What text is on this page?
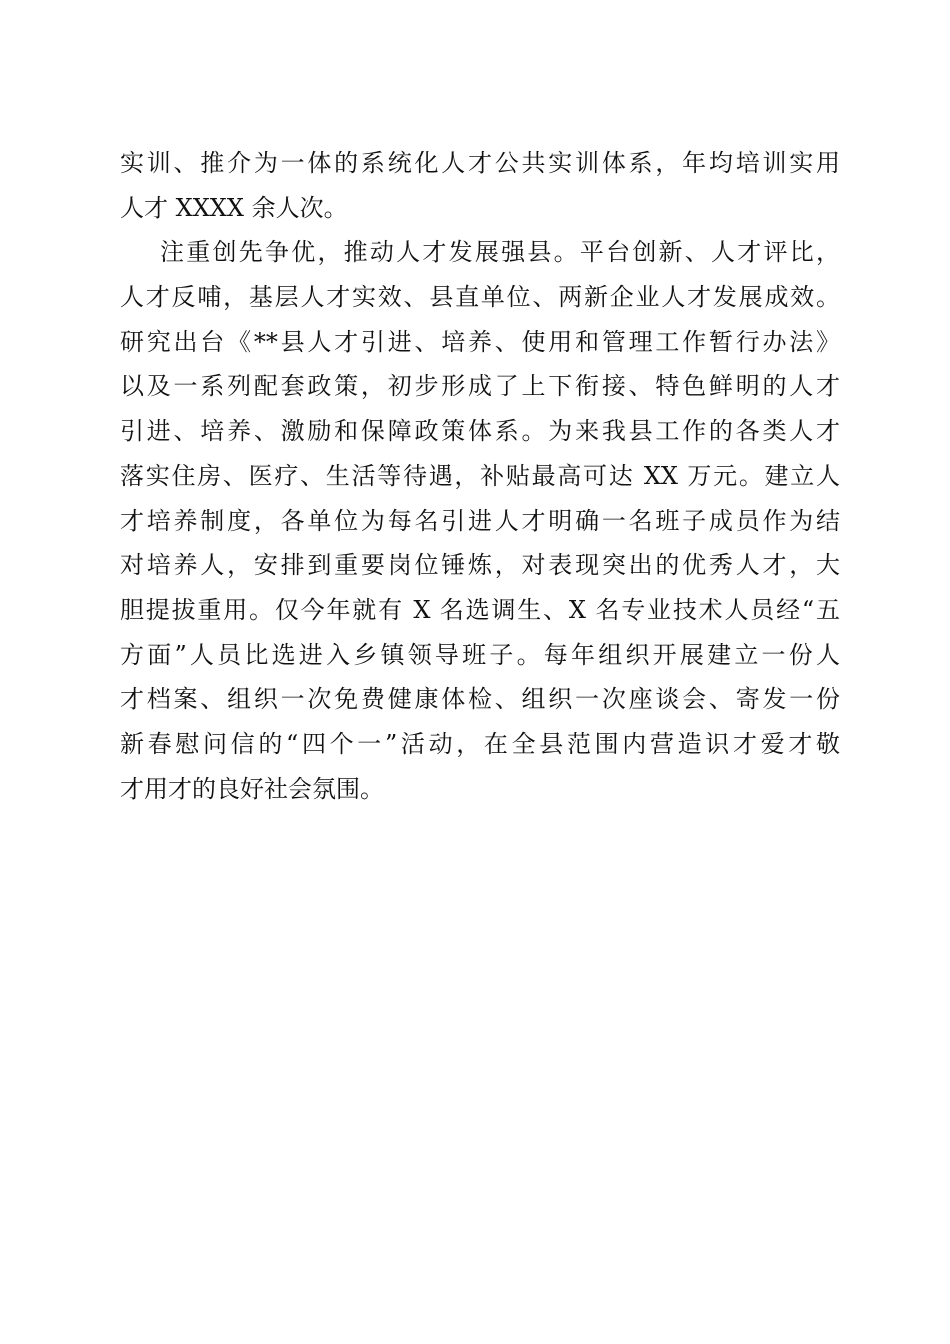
实训、推介为一体的系统化人才公共实训体系，年均培训实用
人才 XXXX 余人次。
注重创先争优，推动人才发展强县。平台创新、人才评比，
人才反哺，基层人才实效、县直单位、两新企业人才发展成效。
研究出台《**县人才引进、培养、使用和管理工作暂行办法》
以及一系列配套政策，初步形成了上下衔接、特色鲜明的人才
引进、培养、激励和保障政策体系。为来我县工作的各类人才
落实住房、医疗、生活等待遇，补贴最高可达 XX 万元。建立人
才培养制度，各单位为每名引进人才明确一名班子成员作为结
对培养人，安排到重要岗位锤炼，对表现突出的优秀人才，大
胆提拔重用。仅今年就有 X 名选调生、X 名专业技术人员经“五
方面”人员比选进入乡镇领导班子。每年组织开展建立一份人
才档案、组织一次免费健康体检、组织一次座谈会、寄发一份
新春慰问信的“四个一”活动，在全县范围内营造识才爱才敬
才用才的良好社会氛围。
